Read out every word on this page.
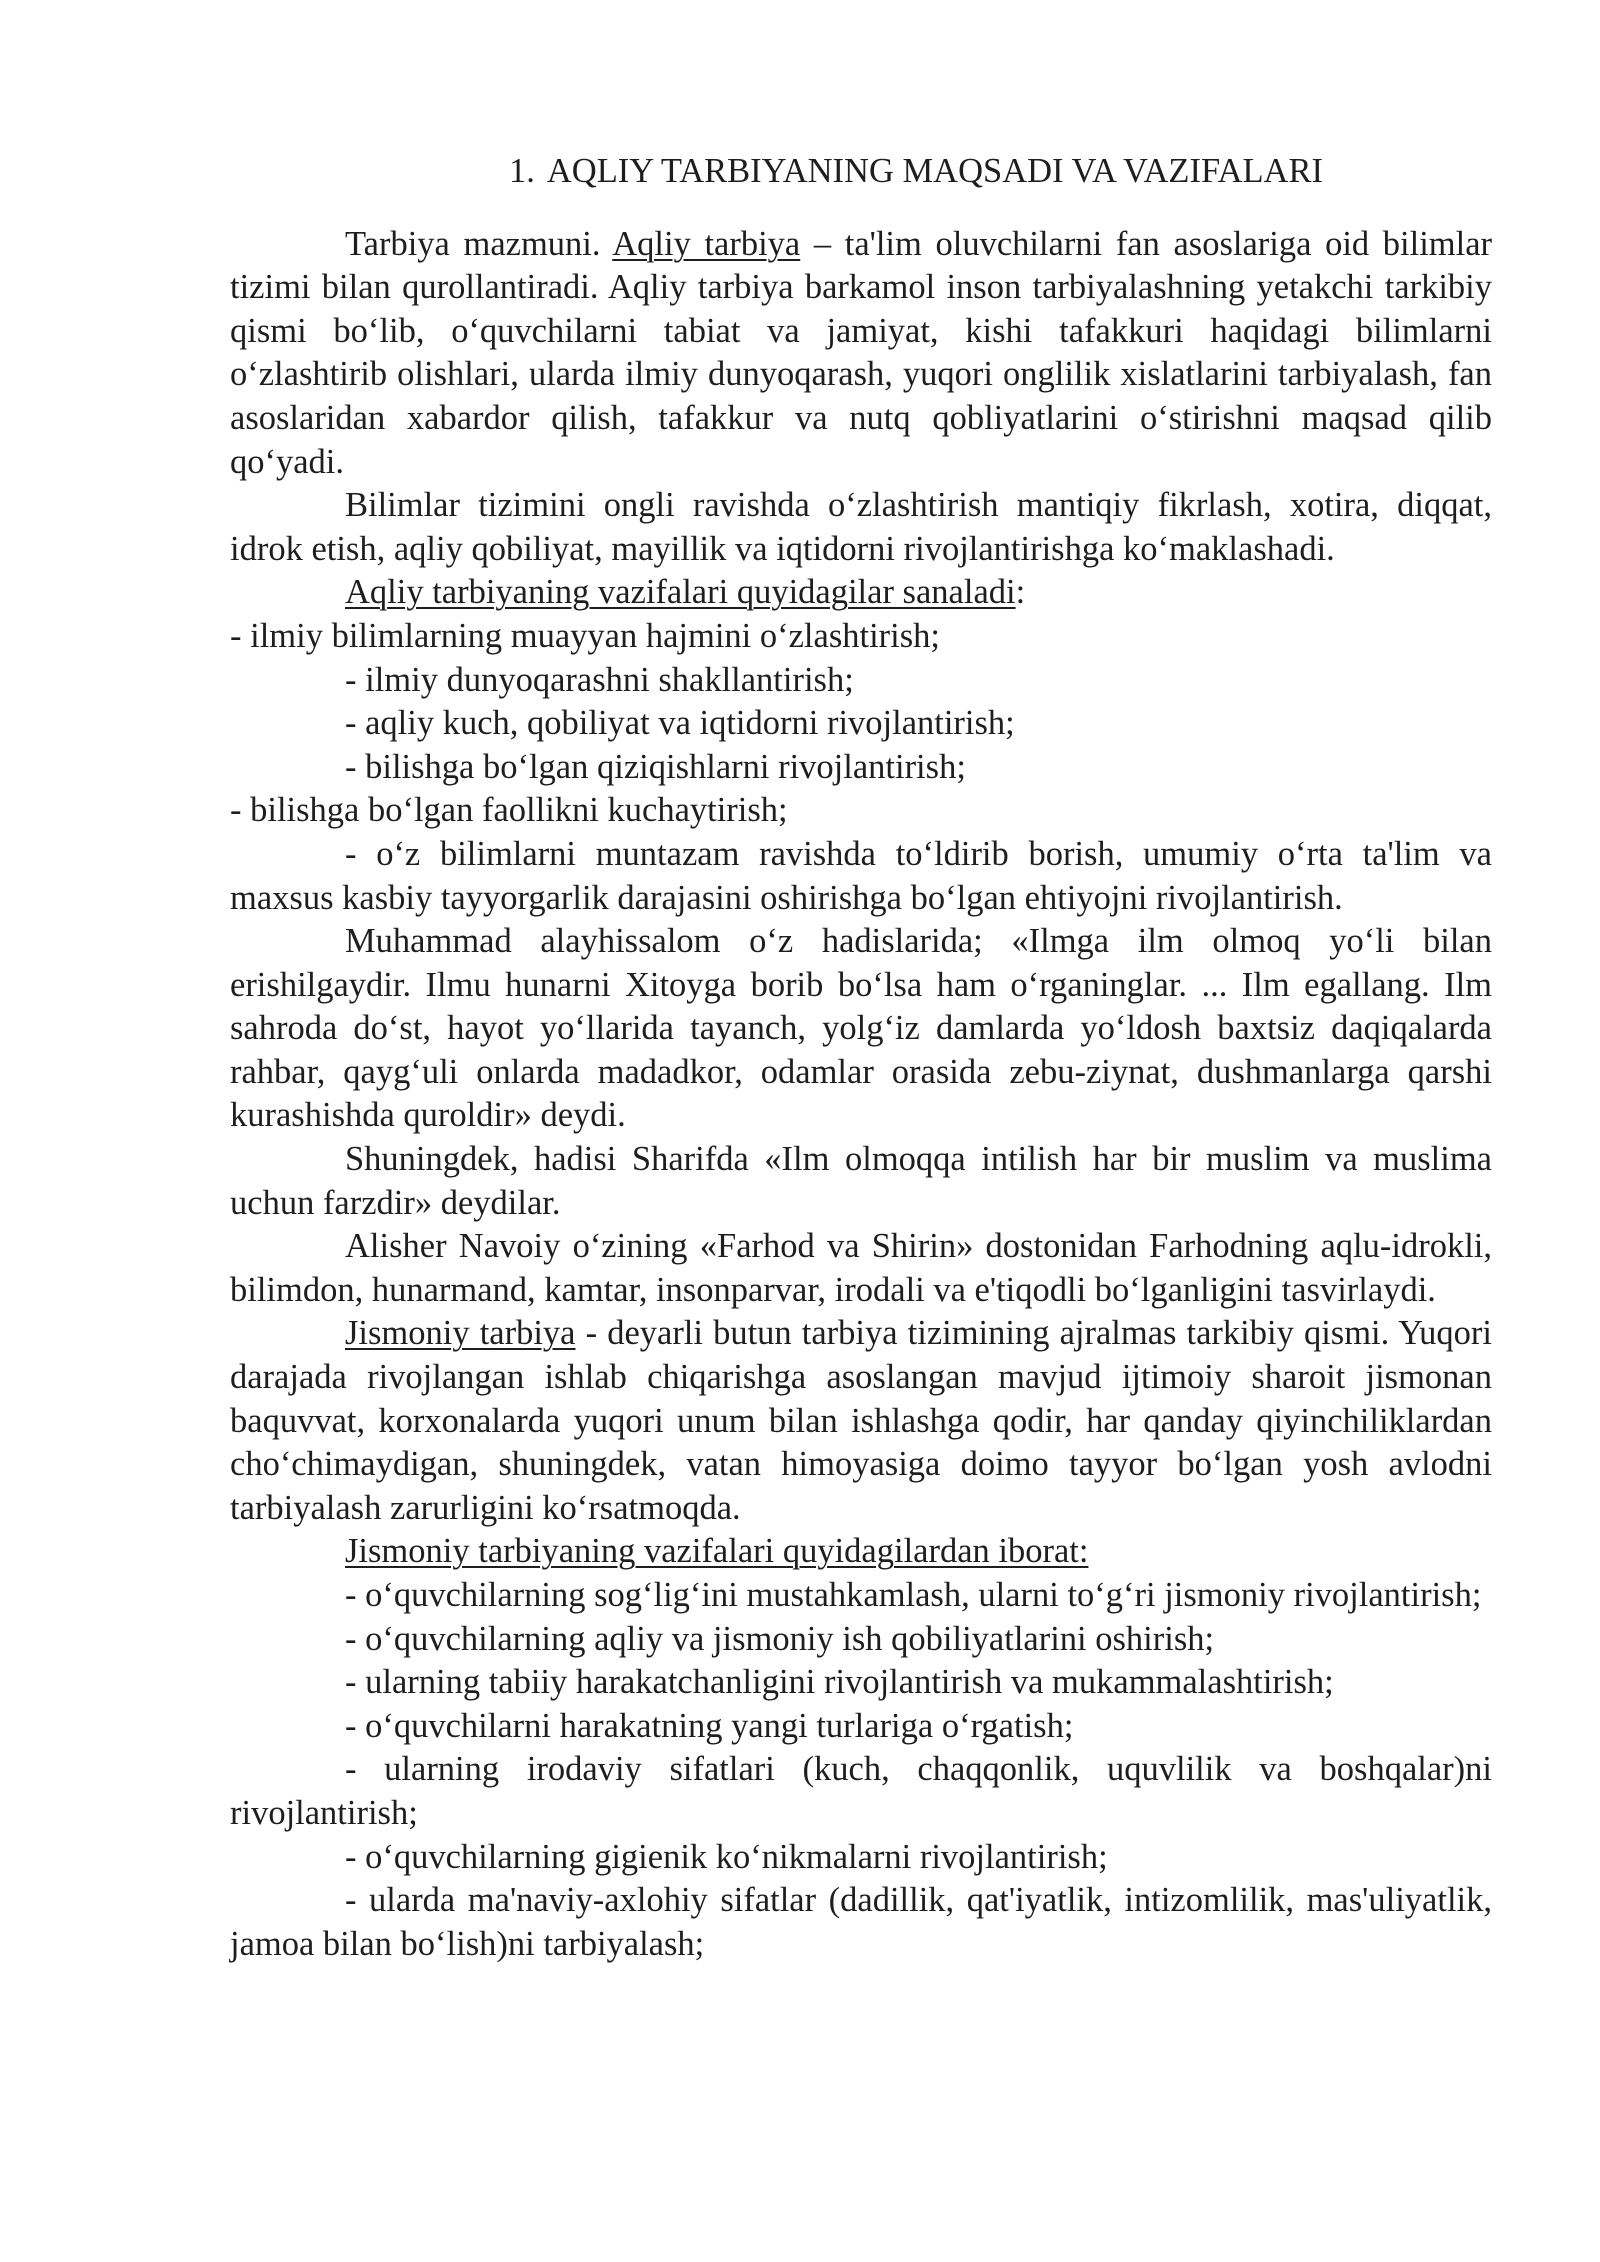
1. AQLIY TARBIYANING MAQSADI VA VAZIFALARI

Tarbiya mazmuni. Aqliy tarbiya – ta'lim oluvchilarni fan asoslariga oid bilimlar tizimi bilan qurollantiradi. Aqliy tarbiya barkamol inson tarbiyalashning yetakchi tarkibiy qismi bo‘lib, o‘quvchilarni tabiat va jamiyat, kishi tafakkuri haqidagi bilimlarni o‘zlashtirib olishlari, ularda ilmiy dunyoqarash, yuqori onglilik xislatlarini tarbiyalash, fan asoslaridan xabardor qilish, tafakkur va nutq qobliyatlarini o‘stirishni maqsad qilib qo‘yadi.

Bilimlar tizimini ongli ravishda o‘zlashtirish mantiqiy fikrlash, xotira, diqqat, idrok etish, aqliy qobiliyat, mayillik va iqtidorni rivojlantirishga ko‘maklashadi.

Aqliy tarbiyaning vazifalari quyidagilar sanaladi:

- ilmiy bilimlarning muayyan hajmini o‘zlashtirish;

- ilmiy dunyoqarashni shakllantirish;

- aqliy kuch, qobiliyat va iqtidorni rivojlantirish;

- bilishga bo‘lgan qiziqishlarni rivojlantirish;

- bilishga bo‘lgan faollikni kuchaytirish;

- o‘z bilimlarni muntazam ravishda to‘ldirib borish, umumiy o‘rta ta'lim va maxsus kasbiy tayyorgarlik darajasini oshirishga bo‘lgan ehtiyojni rivojlantirish.

Muhammad alayhissalom o‘z hadislarida; «Ilmga ilm olmoq yo‘li bilan erishilgaydir. Ilmu hunarni Xitoyga borib bo‘lsa ham o‘rganinglar. ... Ilm egallang. Ilm sahroda do‘st, hayot yo‘llarida tayanch, yolg‘iz damlarda yo‘ldosh baxtsiz daqiqalarda rahbar, qayg‘uli onlarda madadkor, odamlar orasida zebu-ziynat, dushmanlarga qarshi kurashishda quroldir» deydi.

Shuningdek, hadisi Sharifda «Ilm olmoqqa intilish har bir muslim va muslima uchun farzdir» deydilar.

Alisher Navoiy o‘zining «Farhod va Shirin» dostonidan Farhodning aqlu-idrokli, bilimdon, hunarmand, kamtar, insonparvar, irodali va e'tiqodli bo‘lganligini tasvirlaydi.

Jismoniy tarbiya - deyarli butun tarbiya tizimining ajralmas tarkibiy qismi. Yuqori darajada rivojlangan ishlab chiqarishga asoslangan mavjud ijtimoiy sharoit jismonan baquvvat, korxonalarda yuqori unum bilan ishlashga qodir, har qanday qiyinchiliklardan cho‘chimaydigan, shuningdek, vatan himoyasiga doimo tayyor bo‘lgan yosh avlodni tarbiyalash zarurligini ko‘rsatmoqda.

Jismoniy tarbiyaning vazifalari quyidagilardan iborat:

- o‘quvchilarning sog‘lig‘ini mustahkamlash, ularni to‘g‘ri jismoniy rivojlantirish;

- o‘quvchilarning aqliy va jismoniy ish qobiliyatlarini oshirish;

- ularning tabiiy harakatchanligini rivojlantirish va mukammalashtirish;

- o‘quvchilarni harakatning yangi turlariga o‘rgatish;

- ularning irodaviy sifatlari (kuch, chaqqonlik, uquvlilik va boshqalar)ni rivojlantirish;

- o‘quvchilarning gigienik ko‘nikmalarni rivojlantirish;

- ularda ma'naviy-axlohiy sifatlar (dadillik, qat'iyatlik, intizomlilik, mas'uliyatlik, jamoa bilan bo‘lish)ni tarbiyalash;
